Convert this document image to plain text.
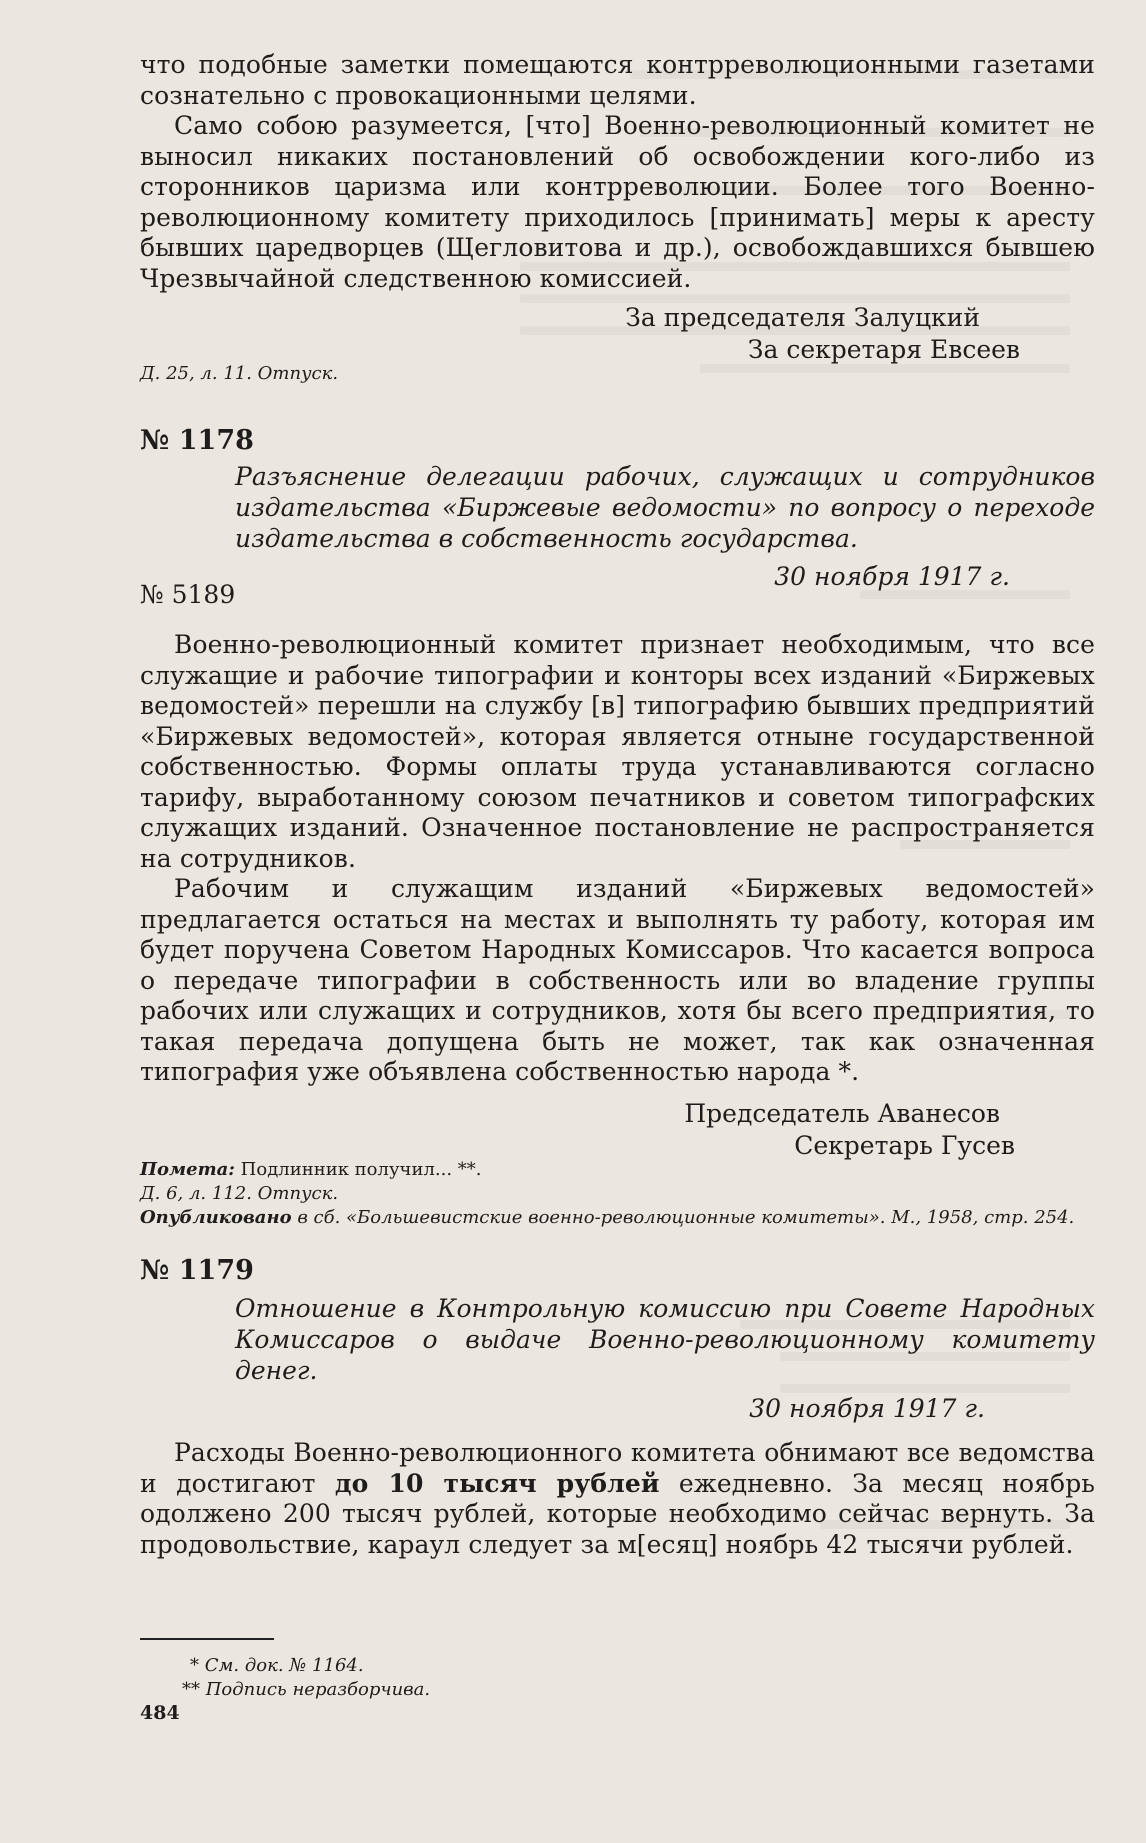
что подобные заметки помещаются контрреволюционными газетами сознательно с провокационными целями.

Само собою разумеется, [что] Военно-революционный комитет не выносил никаких постановлений об освобождении кого-либо из сторонников царизма или контрреволюции. Более того Военно-революционному комитету приходилось [принимать] меры к аресту бывших царедворцев (Щегловитова и др.), освобождавшихся бывшею Чрезвычайной следственною комиссией.

За председателя Залуцкий

За секретаря Евсеев

Д. 25, л. 11. Отпуск.

№ 1178

Разъяснение делегации рабочих, служащих и сотрудников издательства «Биржевые ведомости» по вопросу о переходе издательства в собственность государства.

30 ноября 1917 г.

№ 5189

Военно-революционный комитет признает необходимым, что все служащие и рабочие типографии и конторы всех изданий «Биржевых ведомостей» перешли на службу [в] типографию бывших предприятий «Биржевых ведомостей», которая является отныне государственной собственностью. Формы оплаты труда устанавливаются согласно тарифу, выработанному союзом печатников и советом типографских служащих изданий. Означенное постановление не распространяется на сотрудников.

Рабочим и служащим изданий «Биржевых ведомостей» предлагается остаться на местах и выполнять ту работу, которая им будет поручена Советом Народных Комиссаров. Что касается вопроса о передаче типографии в собственность или во владение группы рабочих или служащих и сотрудников, хотя бы всего предприятия, то такая передача допущена быть не может, так как означенная типография уже объявлена собственностью народа *.

Председатель Аванесов

Секретарь Гусев

Помета: Подлинник получил... **.

Д. 6, л. 112. Отпуск.

Опубликовано в сб. «Большевистские военно-революционные комитеты». М., 1958, стр. 254.

№ 1179

Отношение в Контрольную комиссию при Совете Народных Комиссаров о выдаче Военно-революционному комитету денег.

30 ноября 1917 г.

Расходы Военно-революционного комитета обнимают все ведомства и достигают до 10 тысяч рублей ежедневно. За месяц ноябрь одолжено 200 тысяч рублей, которые необходимо сейчас вернуть. За продовольствие, караул следует за м[есяц] ноябрь 42 тысячи рублей.

* См. док. № 1164.

** Подпись неразборчива.

484
